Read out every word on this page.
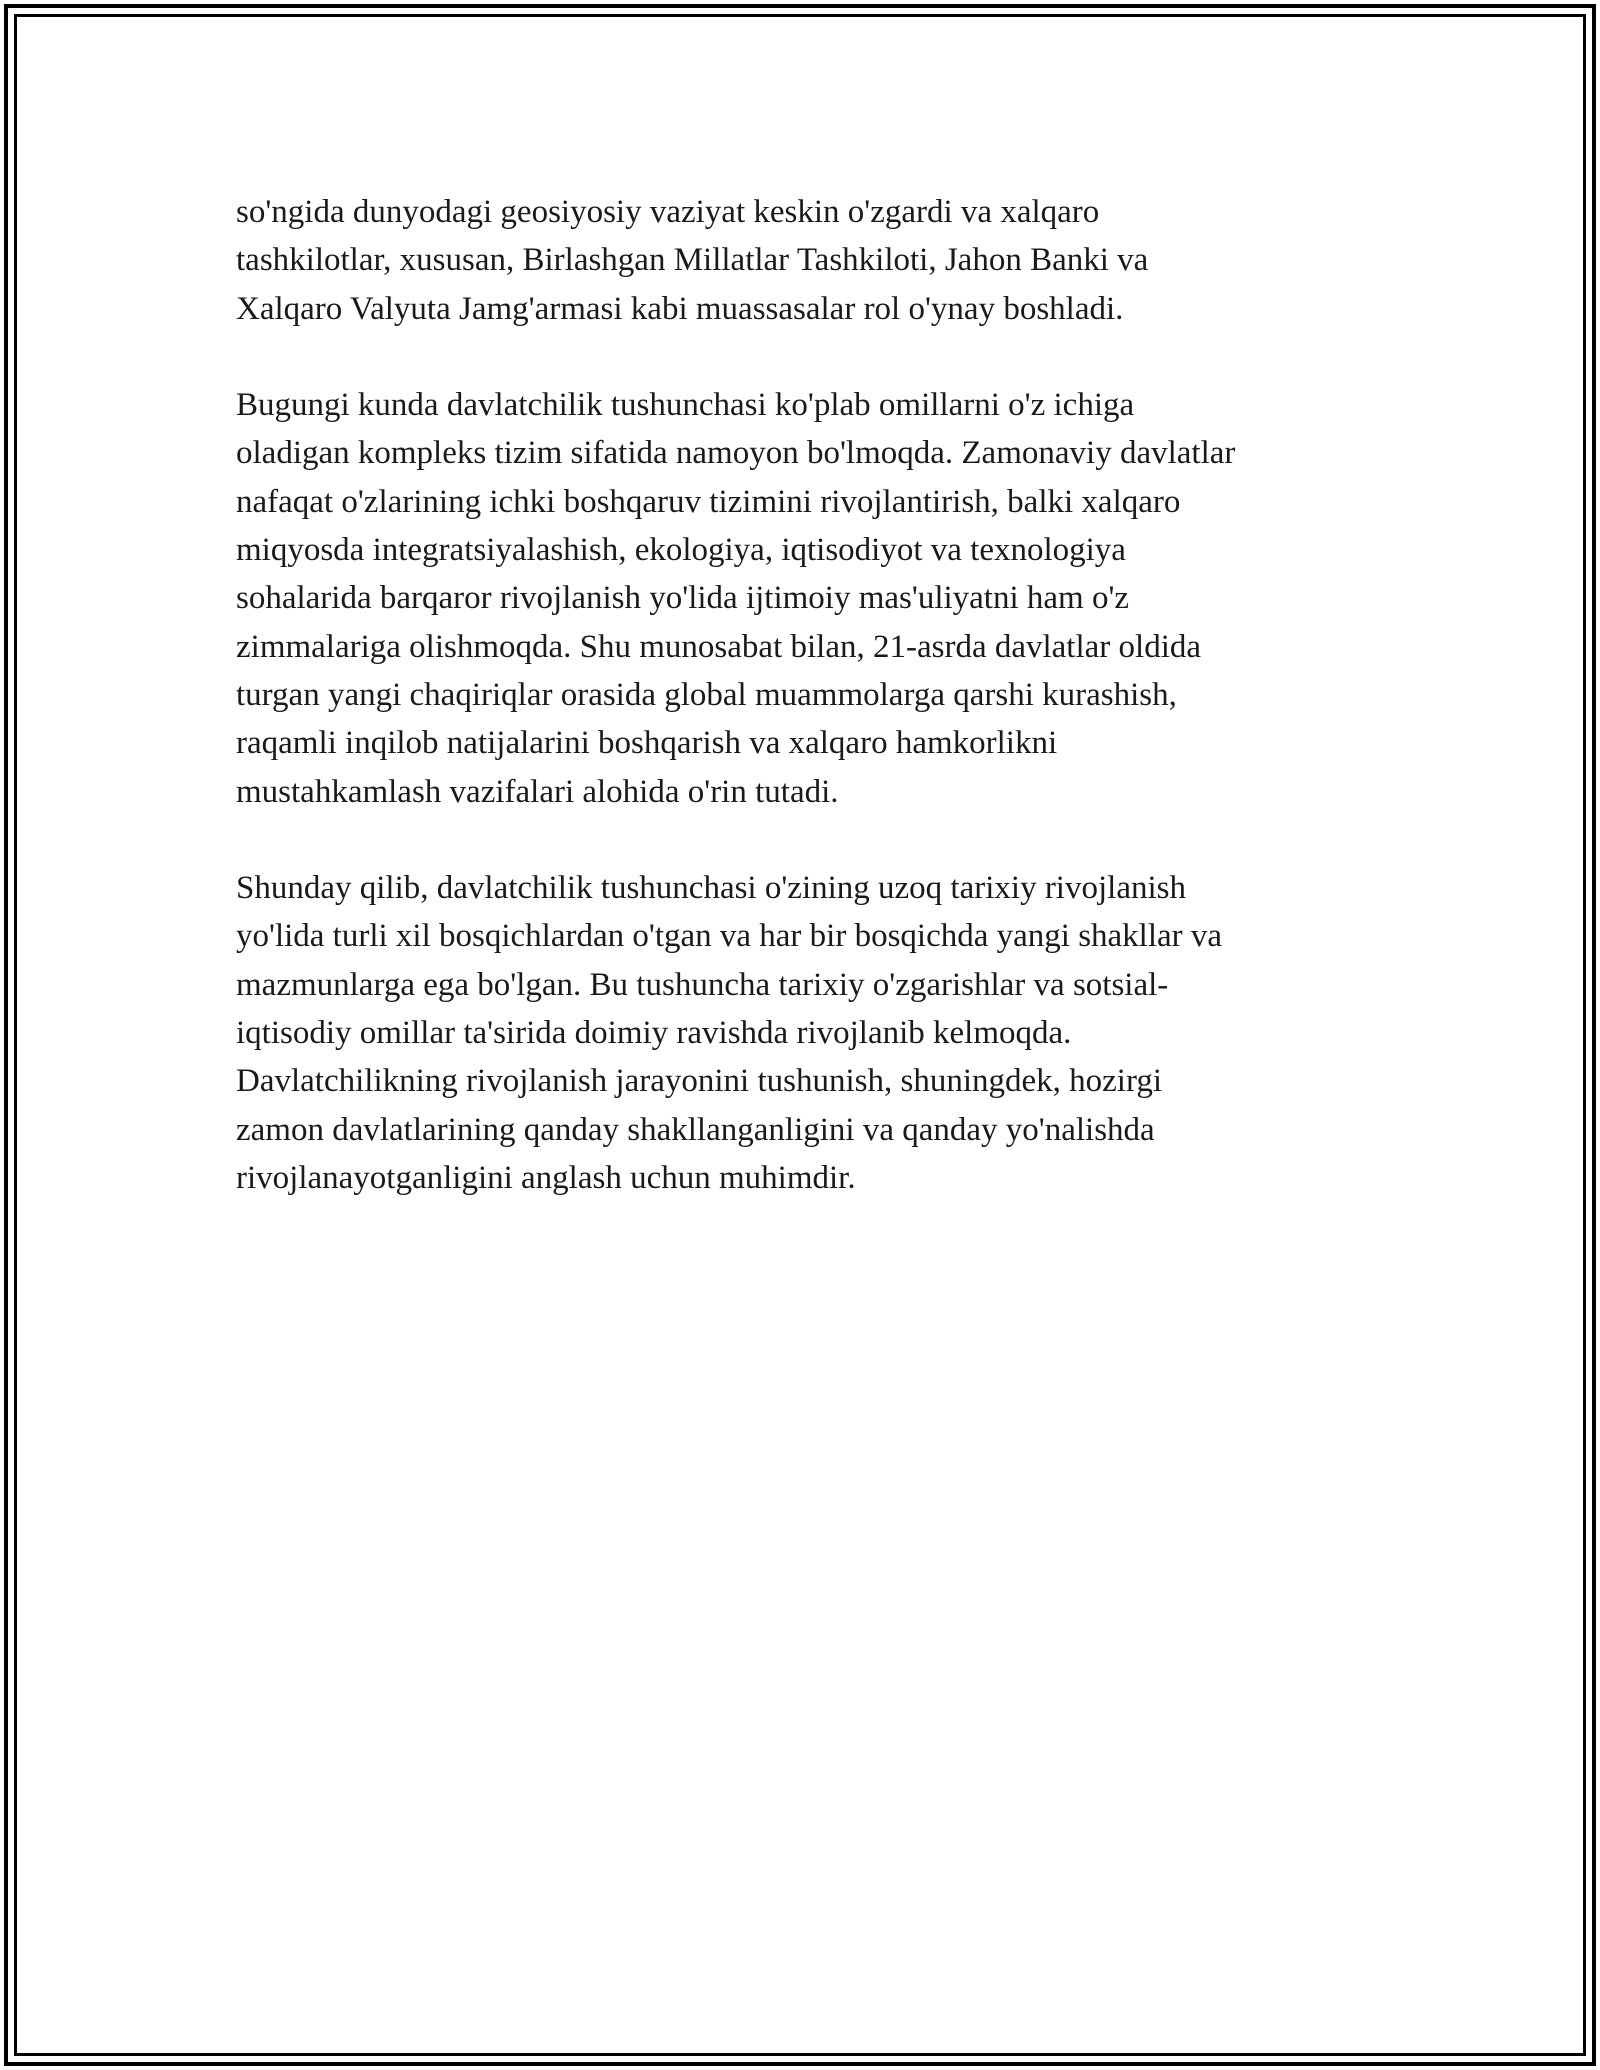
so'ngida dunyodagi geosiyosiy vaziyat keskin o'zgardi va xalqaro
tashkilotlar, xususan, Birlashgan Millatlar Tashkiloti, Jahon Banki va
Xalqaro Valyuta Jamg'armasi kabi muassasalar rol o'ynay boshladi.

Bugungi kunda davlatchilik tushunchasi ko'plab omillarni o'z ichiga
oladigan kompleks tizim sifatida namoyon bo'lmoqda. Zamonaviy davlatlar
nafaqat o'zlarining ichki boshqaruv tizimini rivojlantirish, balki xalqaro
miqyosda integratsiyalashish, ekologiya, iqtisodiyot va texnologiya
sohalarida barqaror rivojlanish yo'lida ijtimoiy mas'uliyatni ham o'z
zimmalariga olishmoqda. Shu munosabat bilan, 21-asrda davlatlar oldida
turgan yangi chaqiriqlar orasida global muammolarga qarshi kurashish,
raqamli inqilob natijalarini boshqarish va xalqaro hamkorlikni
mustahkamlash vazifalari alohida o'rin tutadi.

Shunday qilib, davlatchilik tushunchasi o'zining uzoq tarixiy rivojlanish
yo'lida turli xil bosqichlardan o'tgan va har bir bosqichda yangi shakllar va
mazmunlarga ega bo'lgan. Bu tushuncha tarixiy o'zgarishlar va sotsial-
iqtisodiy omillar ta'sirida doimiy ravishda rivojlanib kelmoqda.
Davlatchilikning rivojlanish jarayonini tushunish, shuningdek, hozirgi
zamon davlatlarining qanday shakllanganligini va qanday yo'nalishda
rivojlanayotganligini anglash uchun muhimdir.
